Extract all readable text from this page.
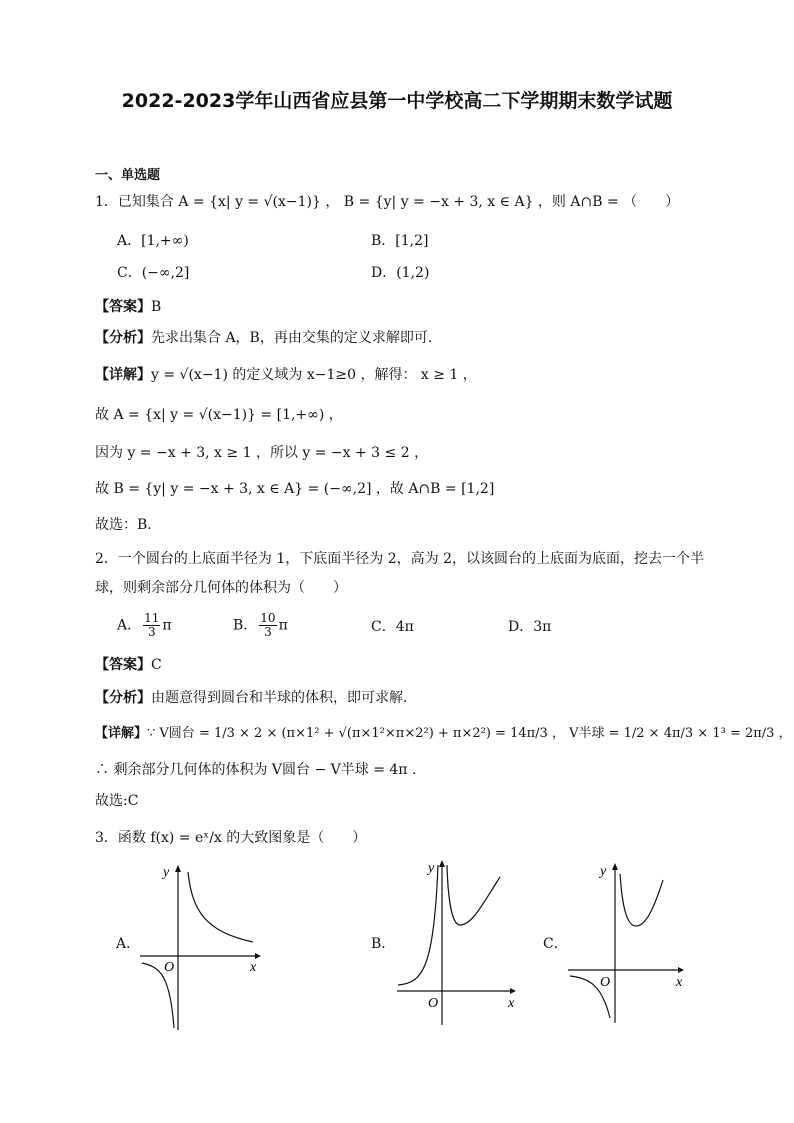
2022-2023学年山西省应县第一中学校高二下学期期末数学试题
一、单选题
1．已知集合 A = {x| y = √(x−1)} ， B = {y| y = −x + 3, x ∈ A} ，则 A∩B = （　　）
A．[1,+∞)	B．[1,2]
C．(−∞,2]	D．(1,2)
【答案】B
【分析】先求出集合 A，B，再由交集的定义求解即可.
【详解】y = √(x−1) 的定义域为 x−1≥0 ，解得： x ≥ 1 ，
故 A = {x| y = √(x−1)} = [1,+∞) ，
因为 y = −x + 3, x ≥ 1 ，所以 y = −x + 3 ≤ 2 ，
故 B = {y| y = −x + 3, x ∈ A} = (−∞,2] ，故 A∩B = [1,2]
故选：B.
2．一个圆台的上底面半径为 1，下底面半径为 2，高为 2，以该圆台的上底面为底面，挖去一个半
球，则剩余部分几何体的体积为（　　）
A． $\frac{11}{3}$ π	B． $\frac{10}{3}$ π	C．4π	D．3π
【答案】C
【分析】由题意得到圆台和半球的体积，即可求解．
【详解】∵ V圆台 = 1/3 × 2 × (π×1² + √(π×1²×π×2²) + π×2²) = 14π/3 ， V半球 = 1/2 × 4π/3 × 1³ = 2π/3 ，
∴ 剩余部分几何体的体积为 V圆台 − V半球 = 4π .
故选:C
3．函数 f(x) = eˣ/x 的大致图象是（　　）
A．
y
x
O
B．
y
x
O
C．
y
x
O
